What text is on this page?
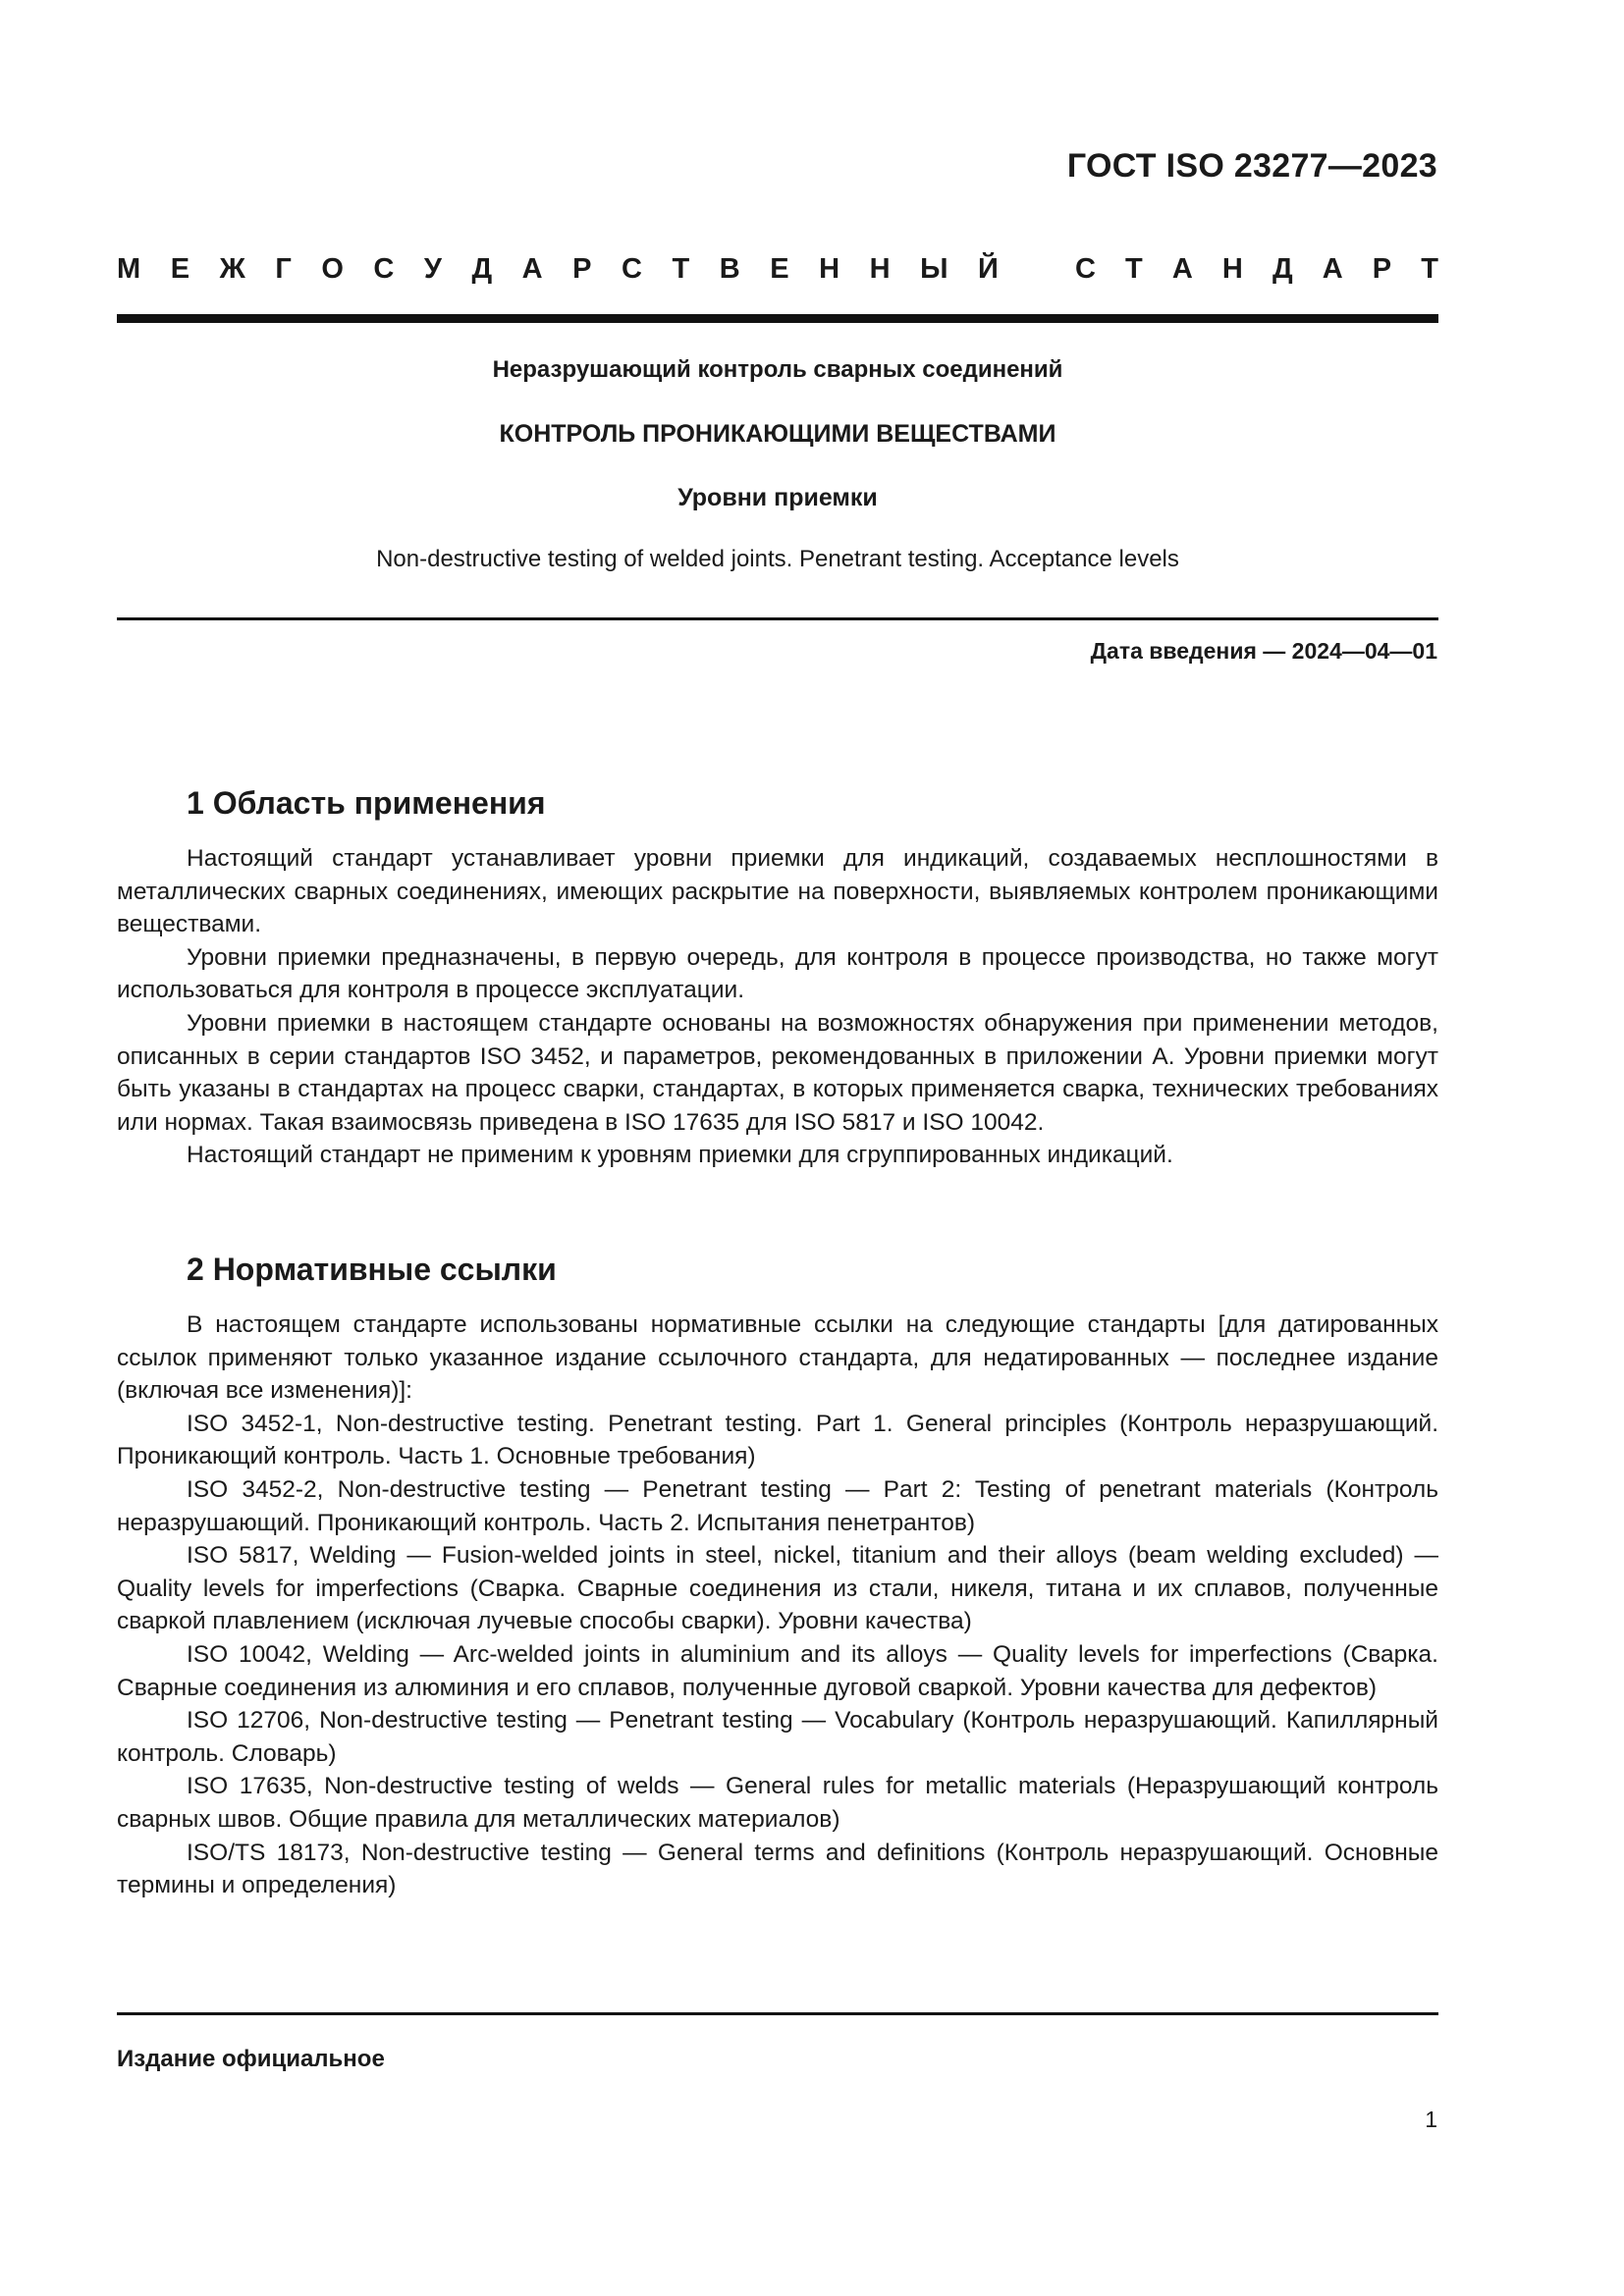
ГОСТ ISO 23277—2023
М Е Ж Г О С У Д А Р С Т В Е Н Н Ы Й	С Т А Н Д А Р Т
Неразрушающий контроль сварных соединений
КОНТРОЛЬ ПРОНИКАЮЩИМИ ВЕЩЕСТВАМИ
Уровни приемки
Non-destructive testing of welded joints. Penetrant testing. Acceptance levels
Дата введения — 2024—04—01
1 Область применения

Настоящий стандарт устанавливает уровни приемки для индикаций, создаваемых несплошностями в металлических сварных соединениях, имеющих раскрытие на поверхности, выявляемых контролем проникающими веществами.

Уровни приемки предназначены, в первую очередь, для контроля в процессе производства, но также могут использоваться для контроля в процессе эксплуатации.

Уровни приемки в настоящем стандарте основаны на возможностях обнаружения при применении методов, описанных в серии стандартов ISO 3452, и параметров, рекомендованных в приложении А. Уровни приемки могут быть указаны в стандартах на процесс сварки, стандартах, в которых применяется сварка, технических требованиях или нормах. Такая взаимосвязь приведена в ISO 17635 для ISO 5817 и ISO 10042.

Настоящий стандарт не применим к уровням приемки для сгруппированных индикаций.

2 Нормативные ссылки

В настоящем стандарте использованы нормативные ссылки на следующие стандарты [для датированных ссылок применяют только указанное издание ссылочного стандарта, для недатированных — последнее издание (включая все изменения)]:

ISO 3452-1, Non-destructive testing. Penetrant testing. Part 1. General principles (Контроль неразрушающий. Проникающий контроль. Часть 1. Основные требования)

ISO 3452-2, Non-destructive testing — Penetrant testing — Part 2: Testing of penetrant materials (Контроль неразрушающий. Проникающий контроль. Часть 2. Испытания пенетрантов)

ISO 5817, Welding — Fusion-welded joints in steel, nickel, titanium and their alloys (beam welding excluded) — Quality levels for imperfections (Сварка. Сварные соединения из стали, никеля, титана и их сплавов, полученные сваркой плавлением (исключая лучевые способы сварки). Уровни качества)

ISO 10042, Welding — Arc-welded joints in aluminium and its alloys — Quality levels for imperfections (Сварка. Сварные соединения из алюминия и его сплавов, полученные дуговой сваркой. Уровни качества для дефектов)

ISO 12706, Non-destructive testing — Penetrant testing — Vocabulary (Контроль неразрушающий. Капиллярный контроль. Словарь)

ISO 17635, Non-destructive testing of welds — General rules for metallic materials (Неразрушающий контроль сварных швов. Общие правила для металлических материалов)

ISO/TS 18173, Non-destructive testing — General terms and definitions (Контроль неразрушающий. Основные термины и определения)

Издание официальное
1
